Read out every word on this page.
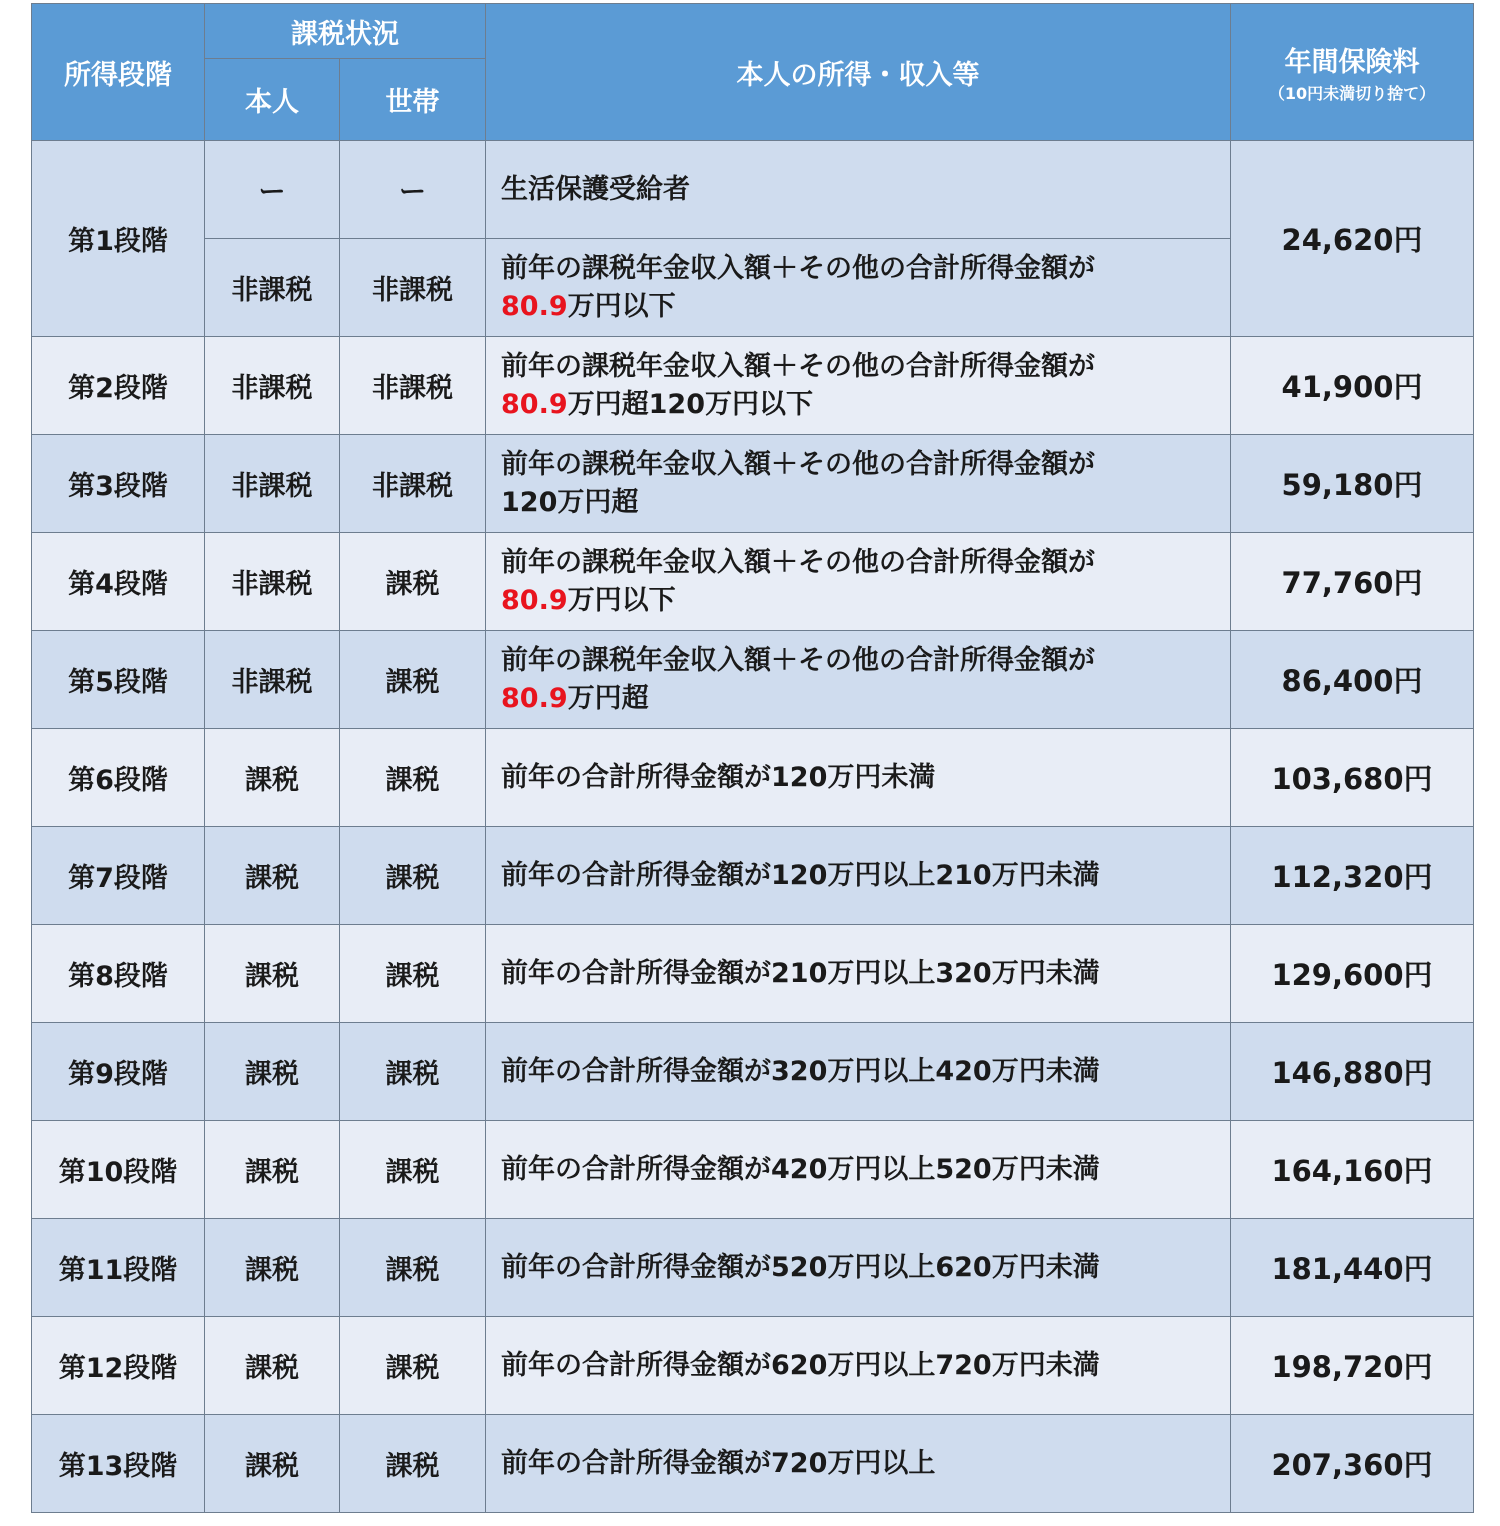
所得段階	課税状況		本人の所得・収入等	年間保険料
（10円未満切り捨て）

	本人	世帯		
第1段階	ー	ー	生活保護受給者	24,620円
	非課税	非課税	前年の課税年金収入額＋その他の合計所得金額が
80.9万円以下	
第2段階	非課税	非課税	前年の課税年金収入額＋その他の合計所得金額が
80.9万円超120万円以下	41,900円
第3段階	非課税	非課税	前年の課税年金収入額＋その他の合計所得金額が
120万円超	59,180円
第4段階	非課税	課税	前年の課税年金収入額＋その他の合計所得金額が
80.9万円以下	77,760円
第5段階	非課税	課税	前年の課税年金収入額＋その他の合計所得金額が
80.9万円超	86,400円
第6段階	課税	課税	前年の合計所得金額が120万円未満	103,680円
第7段階	課税	課税	前年の合計所得金額が120万円以上210万円未満	112,320円
第8段階	課税	課税	前年の合計所得金額が210万円以上320万円未満	129,600円
第9段階	課税	課税	前年の合計所得金額が320万円以上420万円未満	146,880円
第10段階	課税	課税	前年の合計所得金額が420万円以上520万円未満	164,160円
第11段階	課税	課税	前年の合計所得金額が520万円以上620万円未満	181,440円
第12段階	課税	課税	前年の合計所得金額が620万円以上720万円未満	198,720円
第13段階	課税	課税	前年の合計所得金額が720万円以上	207,360円
